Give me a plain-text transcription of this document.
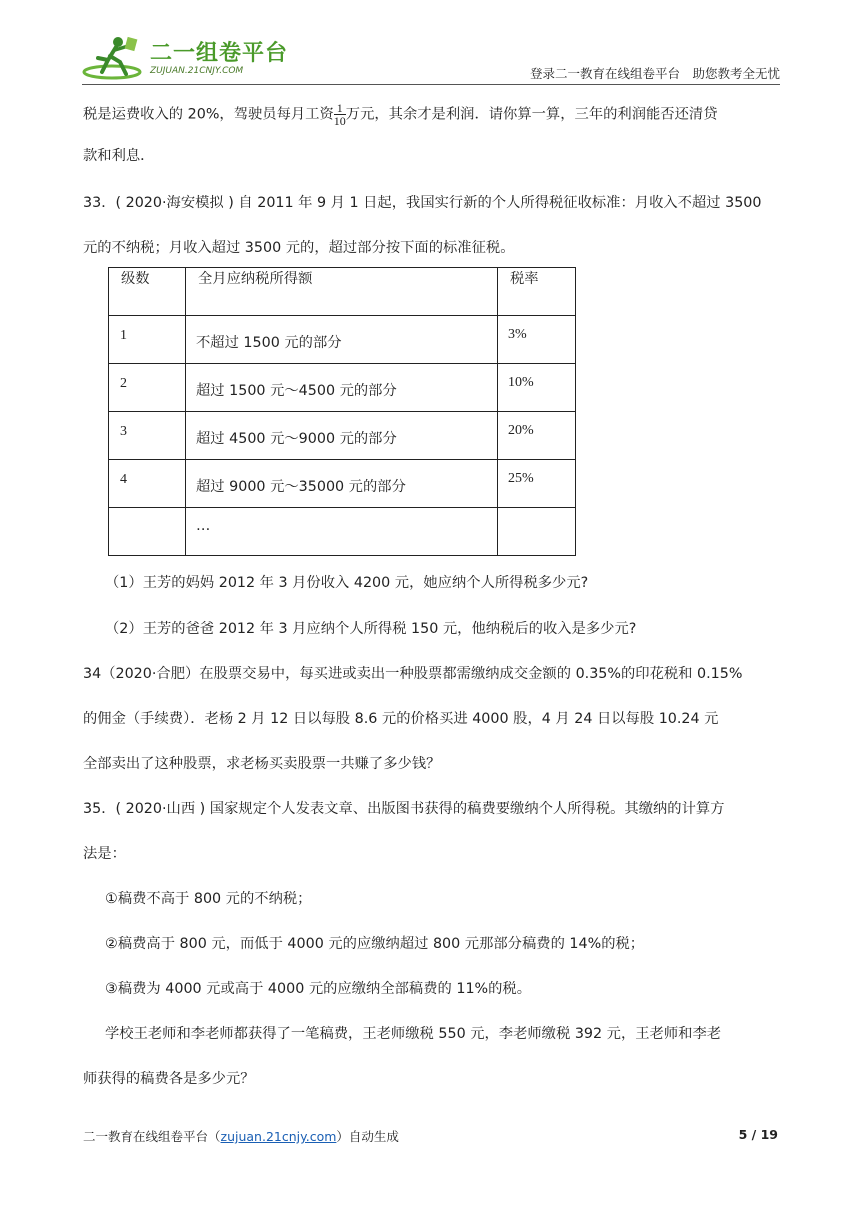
二一组卷平台
ZUJUAN.21CNJY.COM	登录二一教育在线组卷平台　助您教考全无忧
税是运费收入的 20%，驾驶员每月工资 $\frac{1}{10}$ 万元，其余才是利润．请你算一算，三年的利润能否还清贷
款和利息．
33．( 2020·海安模拟 ) 自 2011 年 9 月 1 日起，我国实行新的个人所得税征收标准：月收入不超过 3500
元的不纳税；月收入超过 3500 元的，超过部分按下面的标准征税。
级数	全月应纳税所得额	税率

1	不超过 1500 元的部分	3%

2	超过 1500 元～4500 元的部分	10%

3	超过 4500 元～9000 元的部分	20%

4	超过 9000 元～35000 元的部分	25%

	…	

（1）王芳的妈妈 2012 年 3 月份收入 4200 元，她应纳个人所得税多少元?
（2）王芳的爸爸 2012 年 3 月应纳个人所得税 150 元，他纳税后的收入是多少元?
34（2020·合肥）在股票交易中，每买进或卖出一种股票都需缴纳成交金额的 0.35%的印花税和 0.15%
的佣金（手续费）．老杨 2 月 12 日以每股 8.6 元的价格买进 4000 股，4 月 24 日以每股 10.24 元
全部卖出了这种股票，求老杨买卖股票一共赚了多少钱？
35．( 2020·山西 ) 国家规定个人发表文章、出版图书获得的稿费要缴纳个人所得税。其缴纳的计算方
法是：
①稿费不高于 800 元的不纳税；
②稿费高于 800 元，而低于 4000 元的应缴纳超过 800 元那部分稿费的 14%的税；
③稿费为 4000 元或高于 4000 元的应缴纳全部稿费的 11%的税。
学校王老师和李老师都获得了一笔稿费，王老师缴税 550 元，李老师缴税 392 元，王老师和李老
师获得的稿费各是多少元？
二一教育在线组卷平台（zujuan.21cnjy.com）自动生成	5 / 19
